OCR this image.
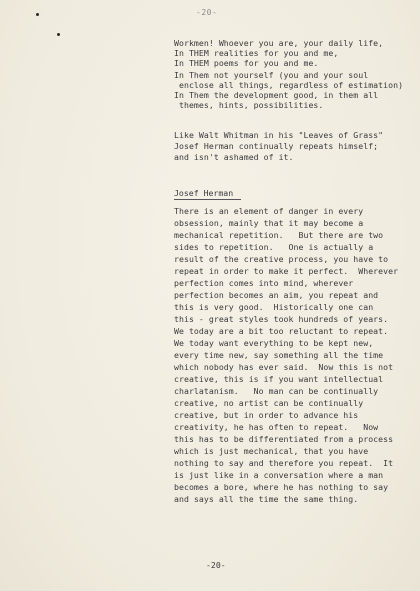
-20-
Workmen! Whoever you are, your daily life,
In THEM realities for you and me,
In THEM poems for you and me.
In Them not yourself (you and your soul
enclose all things, regardless of estimation)
In Them the development good, in them all
themes, hints, possibilities.
Like Walt Whitman in his "Leaves of Grass"
Josef Herman continually repeats himself;
and isn't ashamed of it.
Josef Herman
There is an element of danger in every
obsession, mainly that it may become a
mechanical repetition.   But there are two
sides to repetition.   One is actually a
result of the creative process, you have to
repeat in order to make it perfect.  Wherever
perfection comes into mind, wherever
perfection becomes an aim, you repeat and
this is very good.  Historically one can
this - great styles took hundreds of years.
We today are a bit too reluctant to repeat.
We today want everything to be kept new,
every time new, say something all the time
which nobody has ever said.  Now this is not
creative, this is if you want intellectual
charlatanism.   No man can be continually
creative, no artist can be continually
creative, but in order to advance his
creativity, he has often to repeat.   Now
this has to be differentiated from a process
which is just mechanical, that you have
nothing to say and therefore you repeat.  It
is just like in a conversation where a man
becomes a bore, where he has nothing to say
and says all the time the same thing.
-20-
